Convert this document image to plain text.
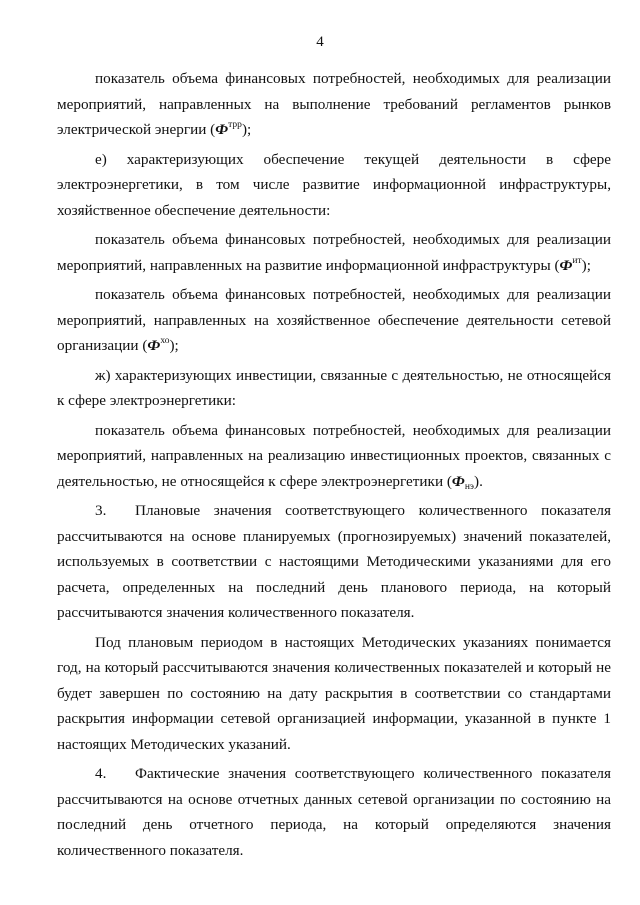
4

показатель объема финансовых потребностей, необходимых для реализации мероприятий, направленных на выполнение требований регламентов рынков электрической энергии $(Ф^{трр})$;

е) характеризующих обеспечение текущей деятельности в сфере электроэнергетики, в том числе развитие информационной инфраструктуры, хозяйственное обеспечение деятельности:

показатель объема финансовых потребностей, необходимых для реализации мероприятий, направленных на развитие информационной инфраструктуры $(Ф^{ит})$;

показатель объема финансовых потребностей, необходимых для реализации мероприятий, направленных на хозяйственное обеспечение деятельности сетевой организации $(Ф^{хо})$;

ж) характеризующих инвестиции, связанные с деятельностью, не относящейся к сфере электроэнергетики:

показатель объема финансовых потребностей, необходимых для реализации мероприятий, направленных на реализацию инвестиционных проектов, связанных с деятельностью, не относящейся к сфере электроэнергетики $(Ф_{нэ})$.

3. Плановые значения соответствующего количественного показателя рассчитываются на основе планируемых (прогнозируемых) значений показателей, используемых в соответствии с настоящими Методическими указаниями для его расчета, определенных на последний день планового периода, на который рассчитываются значения количественного показателя.

Под плановым периодом в настоящих Методических указаниях понимается год, на который рассчитываются значения количественных показателей и который не будет завершен по состоянию на дату раскрытия в соответствии со стандартами раскрытия информации сетевой организацией информации, указанной в пункте 1 настоящих Методических указаний.

4. Фактические значения соответствующего количественного показателя рассчитываются на основе отчетных данных сетевой организации по состоянию на последний день отчетного периода, на который определяются значения количественного показателя.
